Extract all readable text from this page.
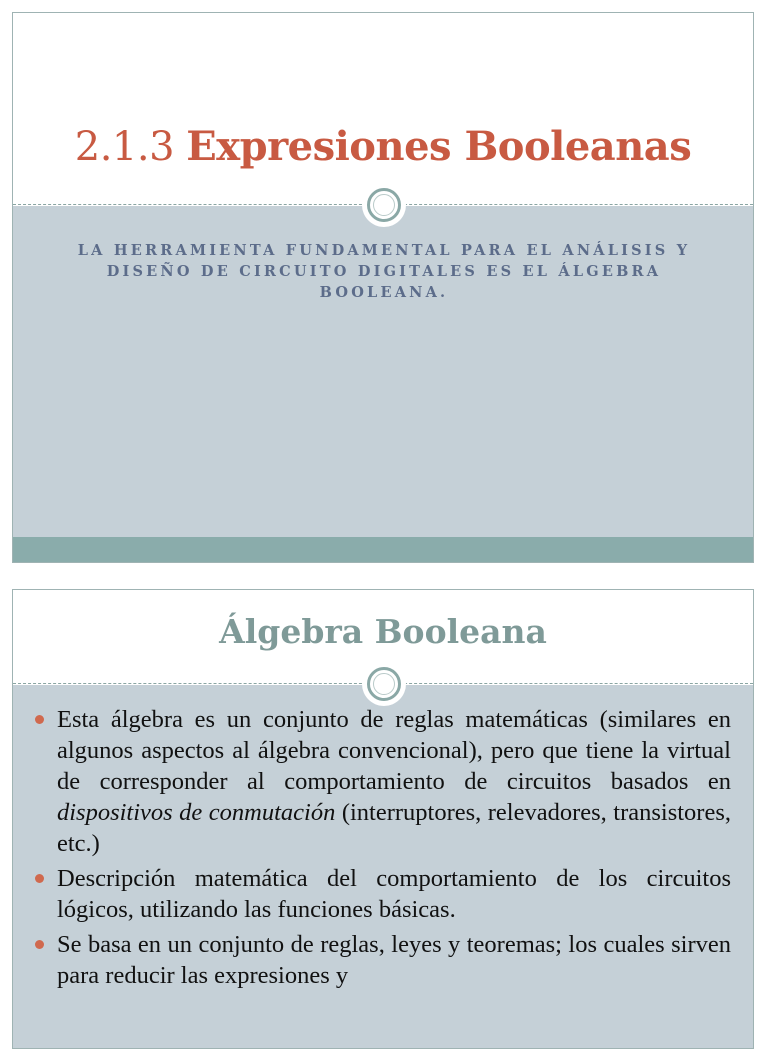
2.1.3 Expresiones Booleanas
LA HERRAMIENTA FUNDAMENTAL PARA EL ANÁLISIS Y DISEÑO DE CIRCUITO DIGITALES ES EL ÁLGEBRA BOOLEANA.
Álgebra Booleana
Esta álgebra es un conjunto de reglas matemáticas (similares en algunos aspectos al álgebra convencional), pero que tiene la virtual de corresponder al comportamiento de circuitos basados en dispositivos de conmutación (interruptores, relevadores, transistores, etc.)
Descripción matemática del comportamiento de los circuitos lógicos, utilizando las funciones básicas.
Se basa en un conjunto de reglas, leyes y teoremas; los cuales sirven para reducir las expresiones y
